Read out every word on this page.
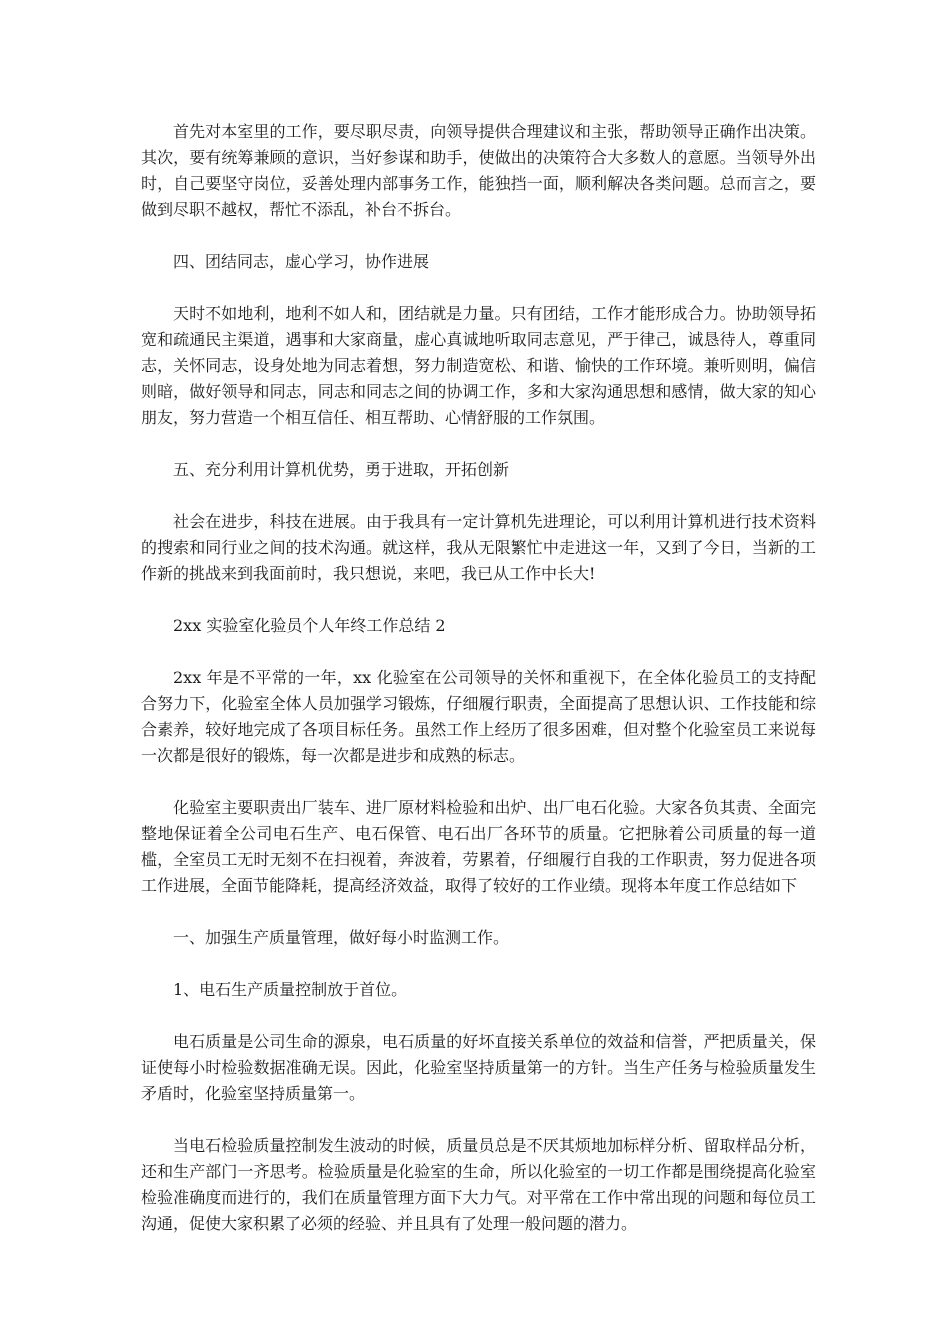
首先对本室里的工作，要尽职尽责，向领导提供合理建议和主张，帮助领导正确作出决策。其次，要有统筹兼顾的意识，当好参谋和助手，使做出的决策符合大多数人的意愿。当领导外出时，自己要坚守岗位，妥善处理内部事务工作，能独挡一面，顺利解决各类问题。总而言之，要做到尽职不越权，帮忙不添乱，补台不拆台。

四、团结同志，虚心学习，协作进展

天时不如地利，地利不如人和，团结就是力量。只有团结，工作才能形成合力。协助领导拓宽和疏通民主渠道，遇事和大家商量，虚心真诚地听取同志意见，严于律己，诚恳待人，尊重同志，关怀同志，设身处地为同志着想，努力制造宽松、和谐、愉快的工作环境。兼听则明，偏信则暗，做好领导和同志，同志和同志之间的协调工作，多和大家沟通思想和感情，做大家的知心朋友，努力营造一个相互信任、相互帮助、心情舒服的工作氛围。

五、充分利用计算机优势，勇于进取，开拓创新

社会在进步，科技在进展。由于我具有一定计算机先进理论，可以利用计算机进行技术资料的搜索和同行业之间的技术沟通。就这样，我从无限繁忙中走进这一年，又到了今日，当新的工作新的挑战来到我面前时，我只想说，来吧，我已从工作中长大!

2xx 实验室化验员个人年终工作总结 2

2xx 年是不平常的一年，xx 化验室在公司领导的关怀和重视下，在全体化验员工的支持配合努力下，化验室全体人员加强学习锻炼，仔细履行职责，全面提高了思想认识、工作技能和综合素养，较好地完成了各项目标任务。虽然工作上经历了很多困难，但对整个化验室员工来说每一次都是很好的锻炼，每一次都是进步和成熟的标志。

化验室主要职责出厂装车、进厂原材料检验和出炉、出厂电石化验。大家各负其责、全面完整地保证着全公司电石生产、电石保管、电石出厂各环节的质量。它把脉着公司质量的每一道槛，全室员工无时无刻不在扫视着，奔波着，劳累着，仔细履行自我的工作职责，努力促进各项工作进展，全面节能降耗，提高经济效益，取得了较好的工作业绩。现将本年度工作总结如下

一、加强生产质量管理，做好每小时监测工作。

1、电石生产质量控制放于首位。

电石质量是公司生命的源泉，电石质量的好坏直接关系单位的效益和信誉，严把质量关，保证使每小时检验数据准确无误。因此，化验室坚持质量第一的方针。当生产任务与检验质量发生矛盾时，化验室坚持质量第一。

当电石检验质量控制发生波动的时候，质量员总是不厌其烦地加标样分析、留取样品分析，还和生产部门一齐思考。检验质量是化验室的生命，所以化验室的一切工作都是围绕提高化验室检验准确度而进行的，我们在质量管理方面下大力气。对平常在工作中常出现的问题和每位员工沟通，促使大家积累了必须的经验、并且具有了处理一般问题的潜力。
